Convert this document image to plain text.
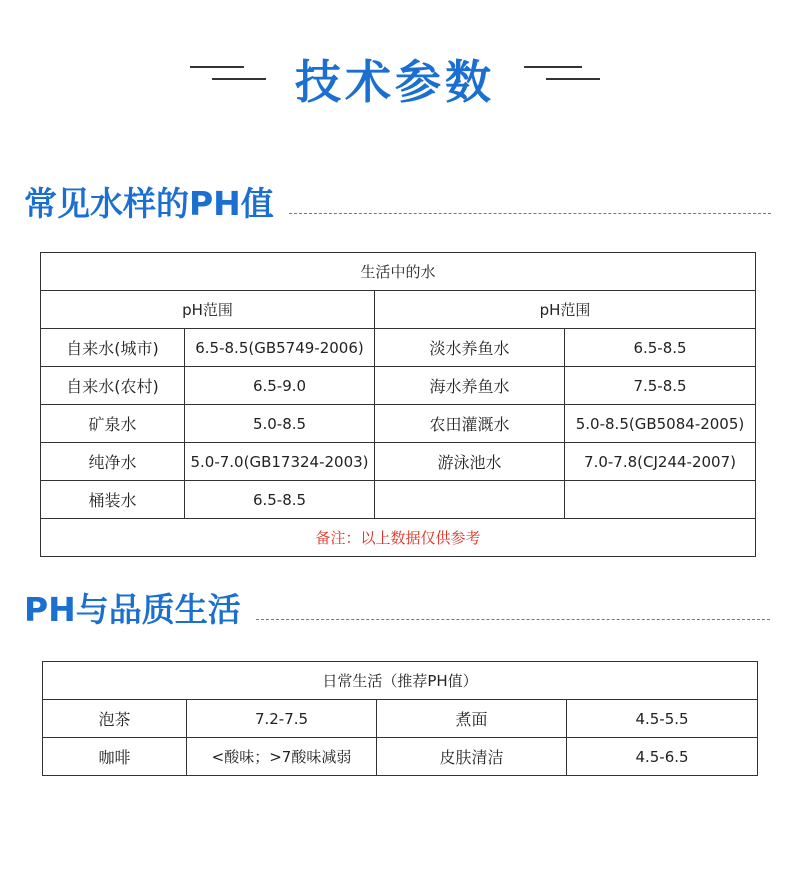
技术参数
常见水样的PH值
生活中的水			
pH范围		pH范围	
自来水(城市)	6.5-8.5(GB5749-2006)	淡水养鱼水	6.5-8.5
自来水(农村)	6.5-9.0	海水养鱼水	7.5-8.5
矿泉水	5.0-8.5	农田灌溉水	5.0-8.5(GB5084-2005)
纯净水	5.0-7.0(GB17324-2003)	游泳池水	7.0-7.8(CJ244-2007)
桶装水	6.5-8.5		
备注：以上数据仅供参考			
PH与品质生活
日常生活（推荐PH值）			
泡茶	7.2-7.5	煮面	4.5-5.5
咖啡	<酸味；>7酸味减弱	皮肤清洁	4.5-6.5
